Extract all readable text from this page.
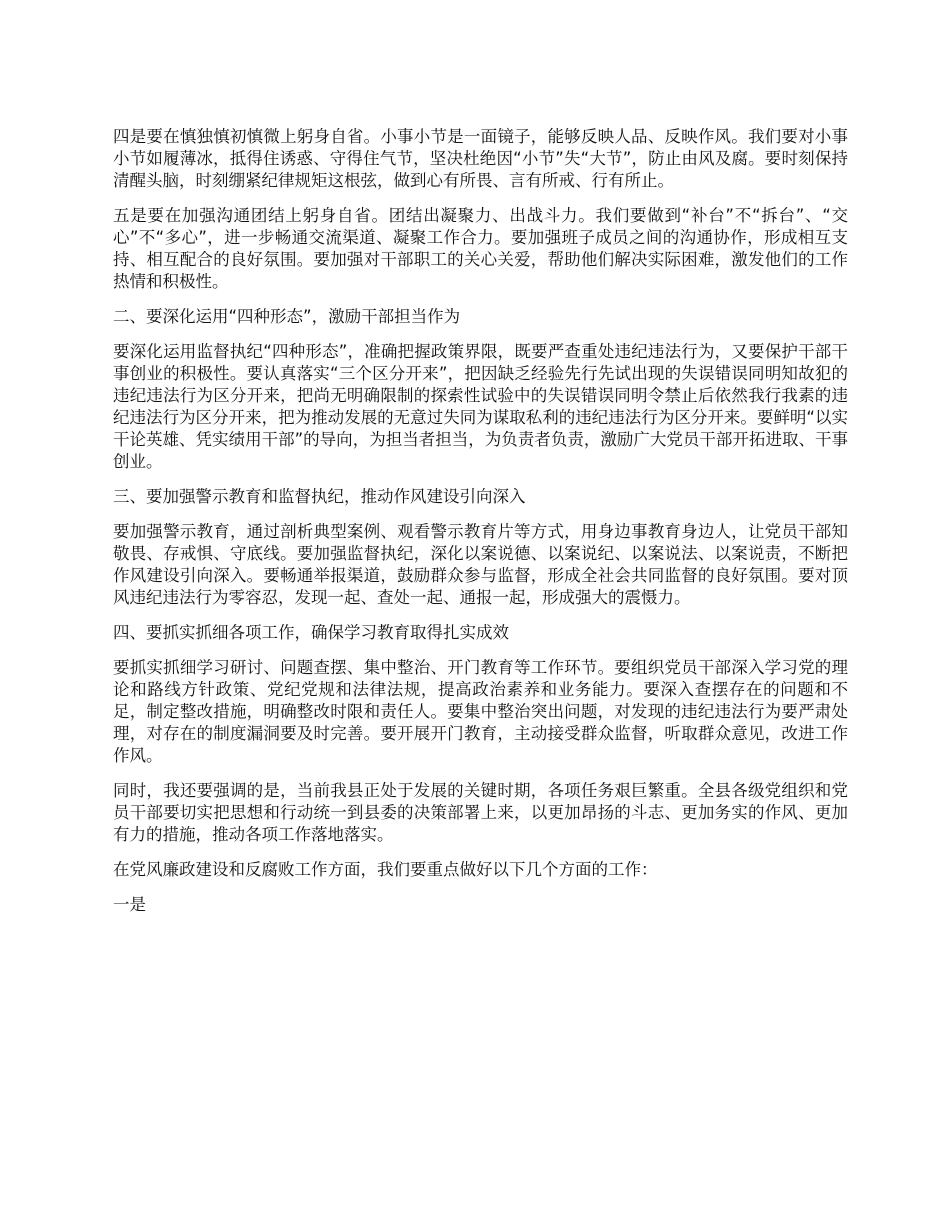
四是要在慎独慎初慎微上躬身自省。小事小节是一面镜子，能够反映人品、反映作风。我们要对小事小节如履薄冰，抵得住诱惑、守得住气节，坚决杜绝因“小节”失“大节”，防止由风及腐。要时刻保持清醒头脑，时刻绷紧纪律规矩这根弦，做到心有所畏、言有所戒、行有所止。

五是要在加强沟通团结上躬身自省。团结出凝聚力、出战斗力。我们要做到“补台”不“拆台”、“交心”不“多心”，进一步畅通交流渠道、凝聚工作合力。要加强班子成员之间的沟通协作，形成相互支持、相互配合的良好氛围。要加强对干部职工的关心关爱，帮助他们解决实际困难，激发他们的工作热情和积极性。

二、要深化运用“四种形态”，激励干部担当作为

要深化运用监督执纪“四种形态”，准确把握政策界限，既要严查重处违纪违法行为，又要保护干部干事创业的积极性。要认真落实“三个区分开来”，把因缺乏经验先行先试出现的失误错误同明知故犯的违纪违法行为区分开来，把尚无明确限制的探索性试验中的失误错误同明令禁止后依然我行我素的违纪违法行为区分开来，把为推动发展的无意过失同为谋取私利的违纪违法行为区分开来。要鲜明“以实干论英雄、凭实绩用干部”的导向，为担当者担当，为负责者负责，激励广大党员干部开拓进取、干事创业。

三、要加强警示教育和监督执纪，推动作风建设引向深入

要加强警示教育，通过剖析典型案例、观看警示教育片等方式，用身边事教育身边人，让党员干部知敬畏、存戒惧、守底线。要加强监督执纪，深化以案说德、以案说纪、以案说法、以案说责，不断把作风建设引向深入。要畅通举报渠道，鼓励群众参与监督，形成全社会共同监督的良好氛围。要对顶风违纪违法行为零容忍，发现一起、查处一起、通报一起，形成强大的震慑力。

四、要抓实抓细各项工作，确保学习教育取得扎实成效

要抓实抓细学习研讨、问题查摆、集中整治、开门教育等工作环节。要组织党员干部深入学习党的理论和路线方针政策、党纪党规和法律法规，提高政治素养和业务能力。要深入查摆存在的问题和不足，制定整改措施，明确整改时限和责任人。要集中整治突出问题，对发现的违纪违法行为要严肃处理，对存在的制度漏洞要及时完善。要开展开门教育，主动接受群众监督，听取群众意见，改进工作作风。

同时，我还要强调的是，当前我县正处于发展的关键时期，各项任务艰巨繁重。全县各级党组织和党员干部要切实把思想和行动统一到县委的决策部署上来，以更加昂扬的斗志、更加务实的作风、更加有力的措施，推动各项工作落地落实。

在党风廉政建设和反腐败工作方面，我们要重点做好以下几个方面的工作：

一是
